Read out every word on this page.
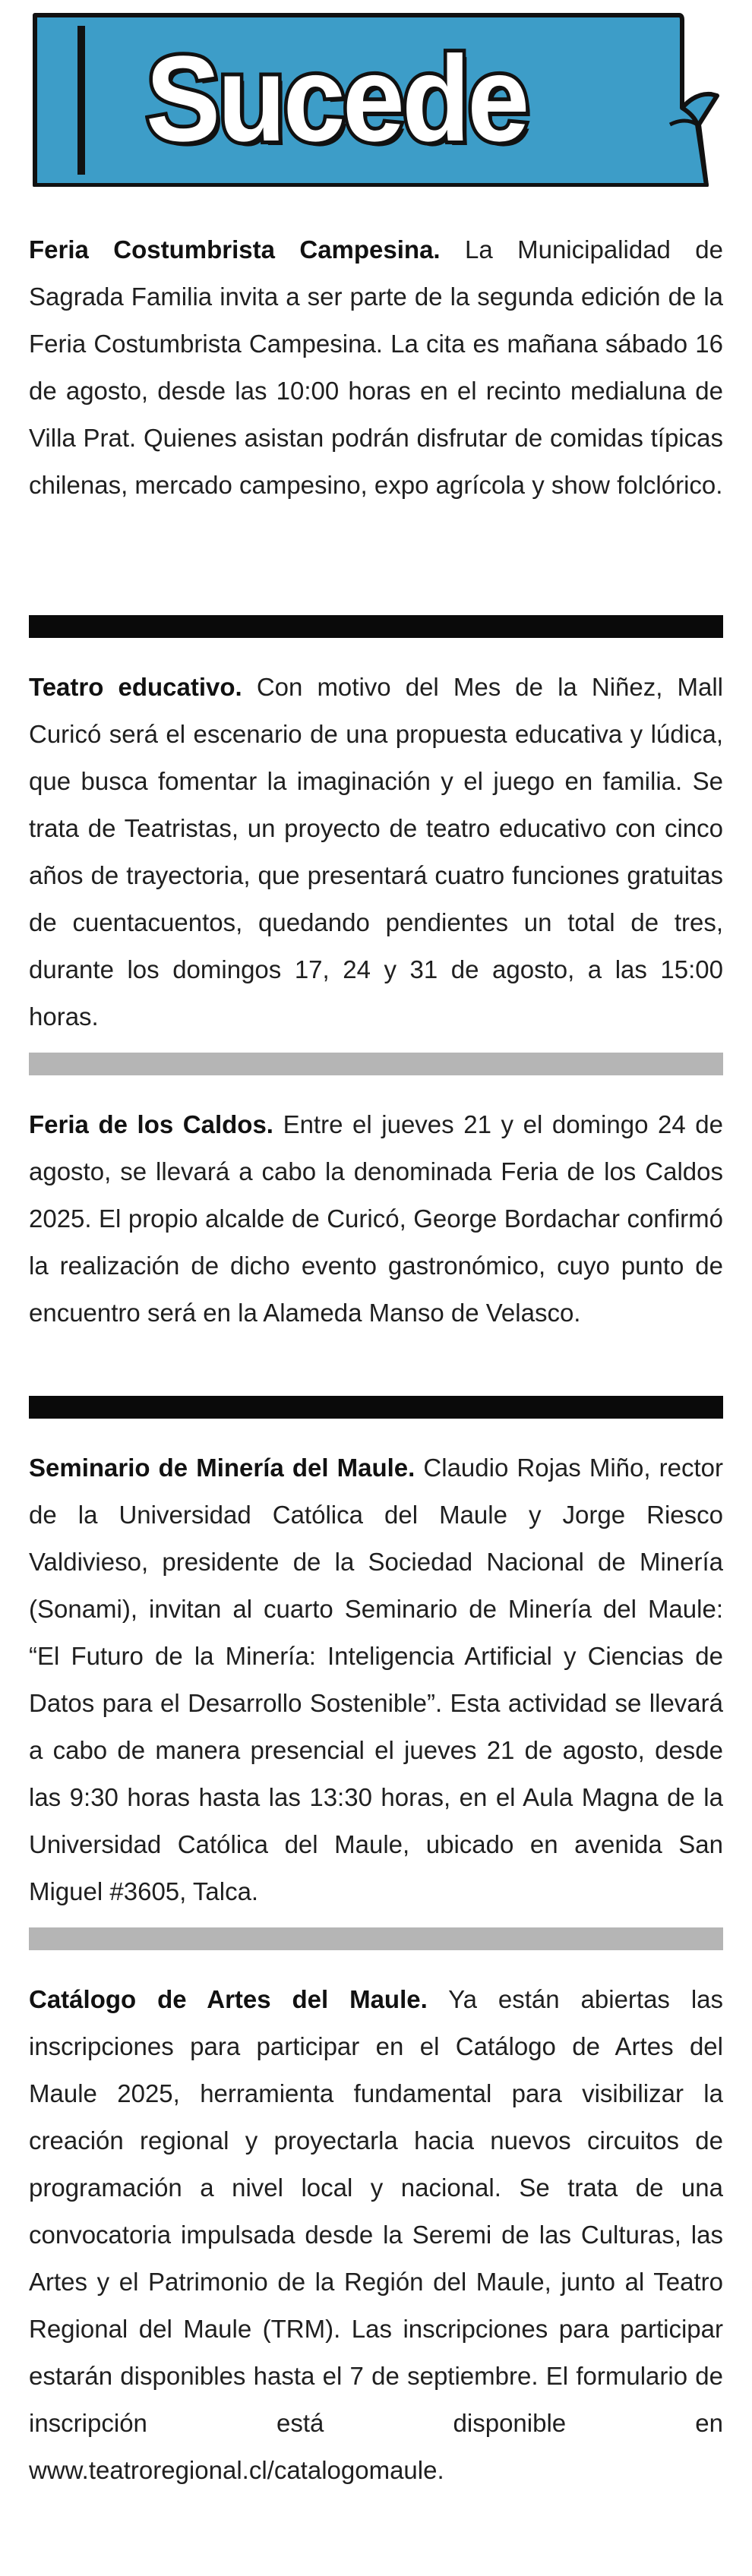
Sucede
Feria Costumbrista Campesina. La Municipalidad de Sagrada Familia invita a ser parte de la segunda edición de la Feria Costumbrista Campesina. La cita es mañana sábado 16 de agosto, desde las 10:00 horas en el recinto medialuna de Villa Prat. Quienes asistan podrán disfrutar de comidas típicas chilenas, mercado campesino, expo agrícola y show folclórico.
Teatro educativo. Con motivo del Mes de la Niñez, Mall Curicó será el escenario de una propuesta educativa y lúdica, que busca fomentar la imaginación y el juego en familia. Se trata de Teatristas, un proyecto de teatro educativo con cinco años de trayectoria, que presentará cuatro funciones gratuitas de cuentacuentos, quedando pendientes un total de tres, durante los domingos 17, 24 y 31 de agosto, a las 15:00 horas.
Feria de los Caldos. Entre el jueves 21 y el domingo 24 de agosto, se llevará a cabo la denominada Feria de los Caldos 2025. El propio alcalde de Curicó, George Bordachar confirmó la realización de dicho evento gastronómico, cuyo punto de encuentro será en la Alameda Manso de Velasco.
Seminario de Minería del Maule. Claudio Rojas Miño, rector de la Universidad Católica del Maule y Jorge Riesco Valdivieso, presidente de la Sociedad Nacional de Minería (Sonami), invitan al cuarto Seminario de Minería del Maule: “El Futuro de la Minería: Inteligencia Artificial y Ciencias de Datos para el Desarrollo Sostenible”. Esta actividad se llevará a cabo de manera presencial el jueves 21 de agosto, desde las 9:30 horas hasta las 13:30 horas, en el Aula Magna de la Universidad Católica del Maule, ubicado en avenida San Miguel #3605, Talca.
Catálogo de Artes del Maule. Ya están abiertas las inscripciones para participar en el Catálogo de Artes del Maule 2025, herramienta fundamental para visibilizar la creación regional y proyectarla hacia nuevos circuitos de programación a nivel local y nacional. Se trata de una convocatoria impulsada desde la Seremi de las Culturas, las Artes y el Patrimonio de la Región del Maule, junto al Teatro Regional del Maule (TRM). Las inscripciones para participar estarán disponibles hasta el 7 de septiembre. El formulario de inscripción está disponible en www.teatroregional.cl/catalogomaule.
